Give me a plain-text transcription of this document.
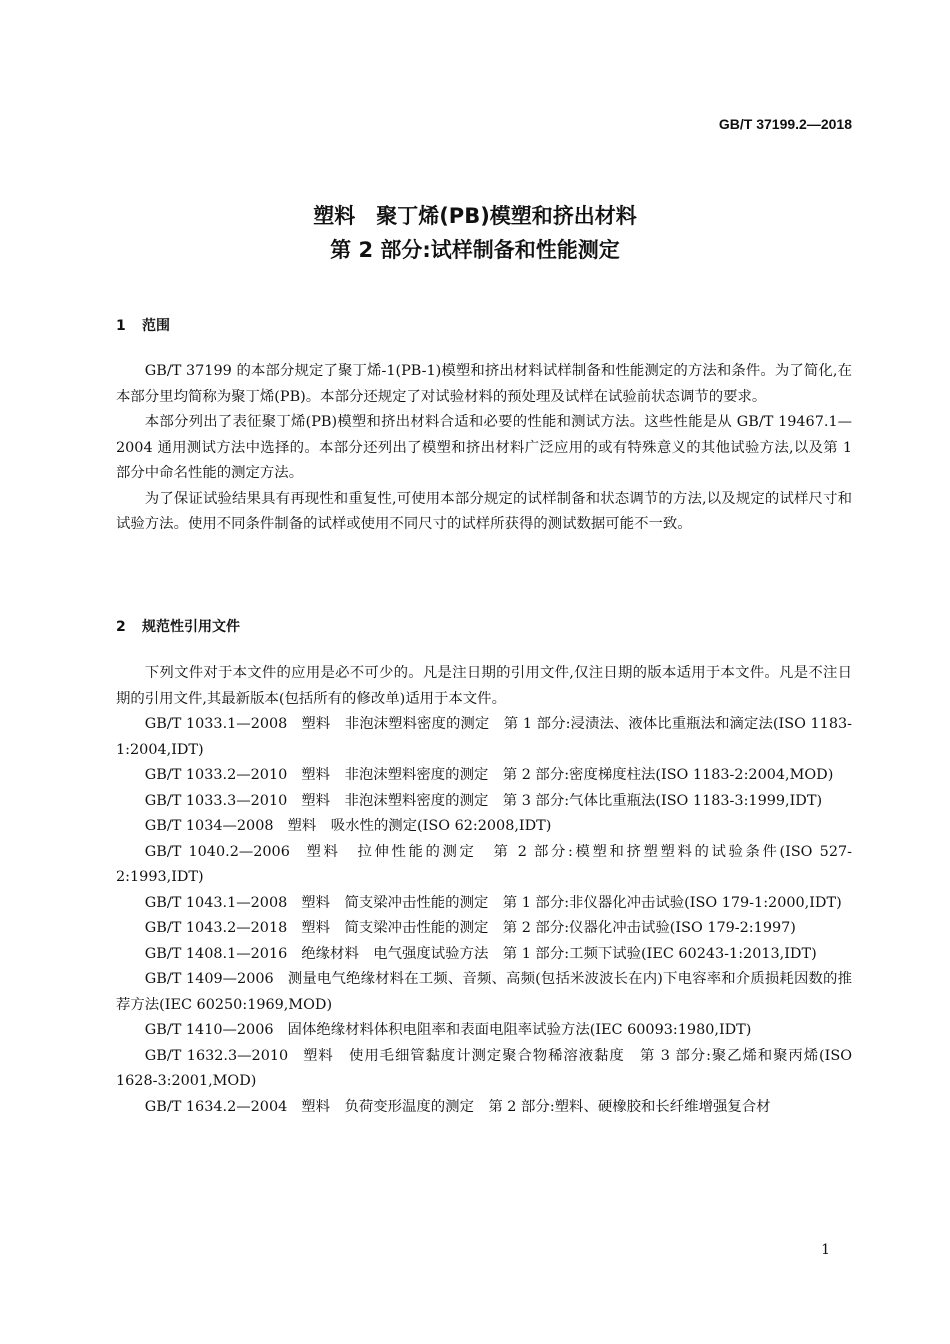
GB/T 37199.2—2018
塑料　聚丁烯(PB)模塑和挤出材料
第 2 部分:试样制备和性能测定
1 范围

GB/T 37199 的本部分规定了聚丁烯-1(PB-1)模塑和挤出材料试样制备和性能测定的方法和条件。为了简化,在本部分里均简称为聚丁烯(PB)。本部分还规定了对试验材料的预处理及试样在试验前状态调节的要求。

本部分列出了表征聚丁烯(PB)模塑和挤出材料合适和必要的性能和测试方法。这些性能是从 GB/T 19467.1—2004 通用测试方法中选择的。本部分还列出了模塑和挤出材料广泛应用的或有特殊意义的其他试验方法,以及第 1 部分中命名性能的测定方法。

为了保证试验结果具有再现性和重复性,可使用本部分规定的试样制备和状态调节的方法,以及规定的试样尺寸和试验方法。使用不同条件制备的试样或使用不同尺寸的试样所获得的测试数据可能不一致。

2 规范性引用文件

下列文件对于本文件的应用是必不可少的。凡是注日期的引用文件,仅注日期的版本适用于本文件。凡是不注日期的引用文件,其最新版本(包括所有的修改单)适用于本文件。

GB/T 1033.1—2008 塑料　非泡沫塑料密度的测定　第 1 部分:浸渍法、液体比重瓶法和滴定法(ISO 1183-1:2004,IDT)

GB/T 1033.2—2010 塑料　非泡沫塑料密度的测定　第 2 部分:密度梯度柱法(ISO 1183-2:2004,MOD)

GB/T 1033.3—2010 塑料　非泡沫塑料密度的测定　第 3 部分:气体比重瓶法(ISO 1183-3:1999,IDT)

GB/T 1034—2008 塑料　吸水性的测定(ISO 62:2008,IDT)

GB/T 1040.2—2006 塑料　拉伸性能的测定　第 2 部分:模塑和挤塑塑料的试验条件(ISO 527-2:1993,IDT)

GB/T 1043.1—2008 塑料　简支梁冲击性能的测定　第 1 部分:非仪器化冲击试验(ISO 179-1:2000,IDT)

GB/T 1043.2—2018 塑料　简支梁冲击性能的测定　第 2 部分:仪器化冲击试验(ISO 179-2:1997)

GB/T 1408.1—2016 绝缘材料　电气强度试验方法　第 1 部分:工频下试验(IEC 60243-1:2013,IDT)

GB/T 1409—2006 测量电气绝缘材料在工频、音频、高频(包括米波波长在内)下电容率和介质损耗因数的推荐方法(IEC 60250:1969,MOD)

GB/T 1410—2006 固体绝缘材料体积电阻率和表面电阻率试验方法(IEC 60093:1980,IDT)

GB/T 1632.3—2010 塑料　使用毛细管黏度计测定聚合物稀溶液黏度　第 3 部分:聚乙烯和聚丙烯(ISO 1628-3:2001,MOD)

GB/T 1634.2—2004 塑料　负荷变形温度的测定　第 2 部分:塑料、硬橡胶和长纤维增强复合材

1
